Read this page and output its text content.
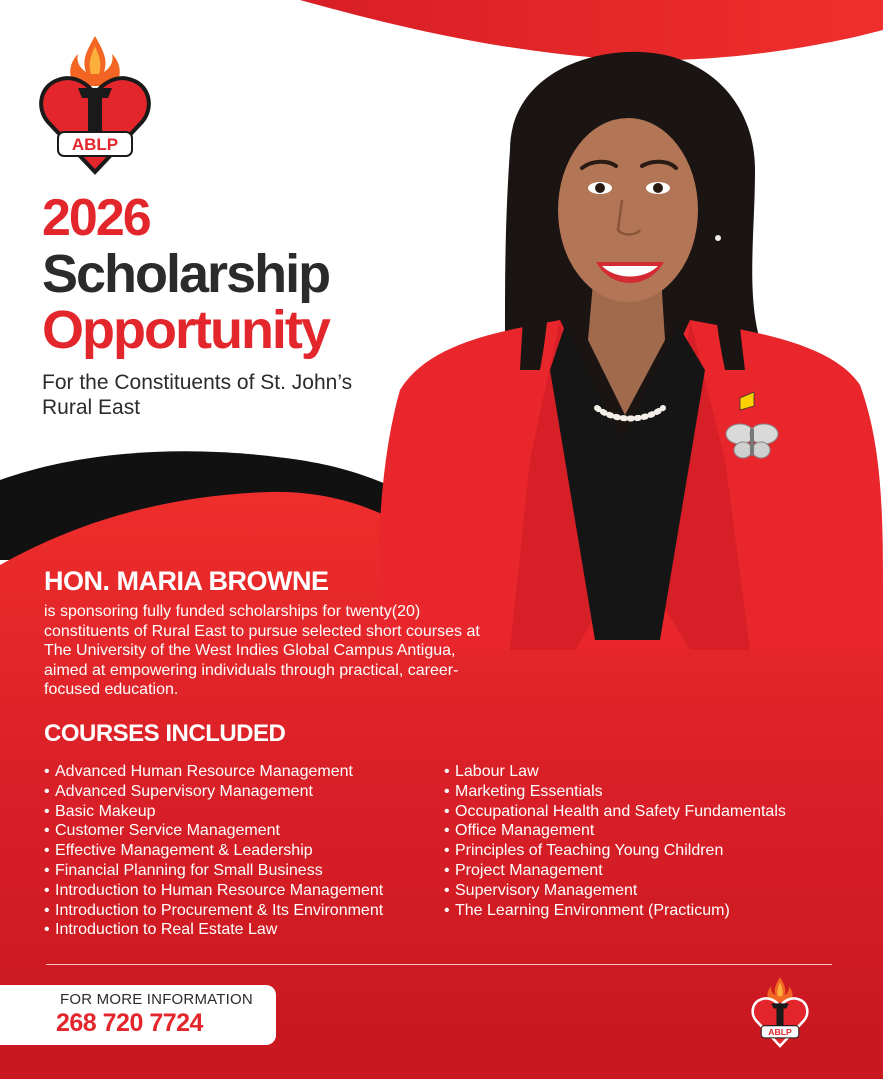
ABLP
2026
Scholarship
Opportunity
For the Constituents of St. John’s Rural East
HON. MARIA BROWNE
is sponsoring fully funded scholarships for twenty(20) constituents of Rural East to pursue selected short courses at The University of the West Indies Global Campus Antigua, aimed at empowering individuals through practical, career-focused education.
COURSES INCLUDED
• Advanced Human Resource Management
• Advanced Supervisory Management
• Basic Makeup
• Customer Service Management
• Effective Management & Leadership
• Financial Planning for Small Business
• Introduction to Human Resource Management
• Introduction to Procurement & Its Environment
• Introduction to Real Estate Law
• Labour Law
• Marketing Essentials
• Occupational Health and Safety Fundamentals
• Office Management
• Principles of Teaching Young Children
• Project Management
• Supervisory Management
• The Learning Environment (Practicum)
FOR MORE INFORMATION
268 720 7724	ABLP
